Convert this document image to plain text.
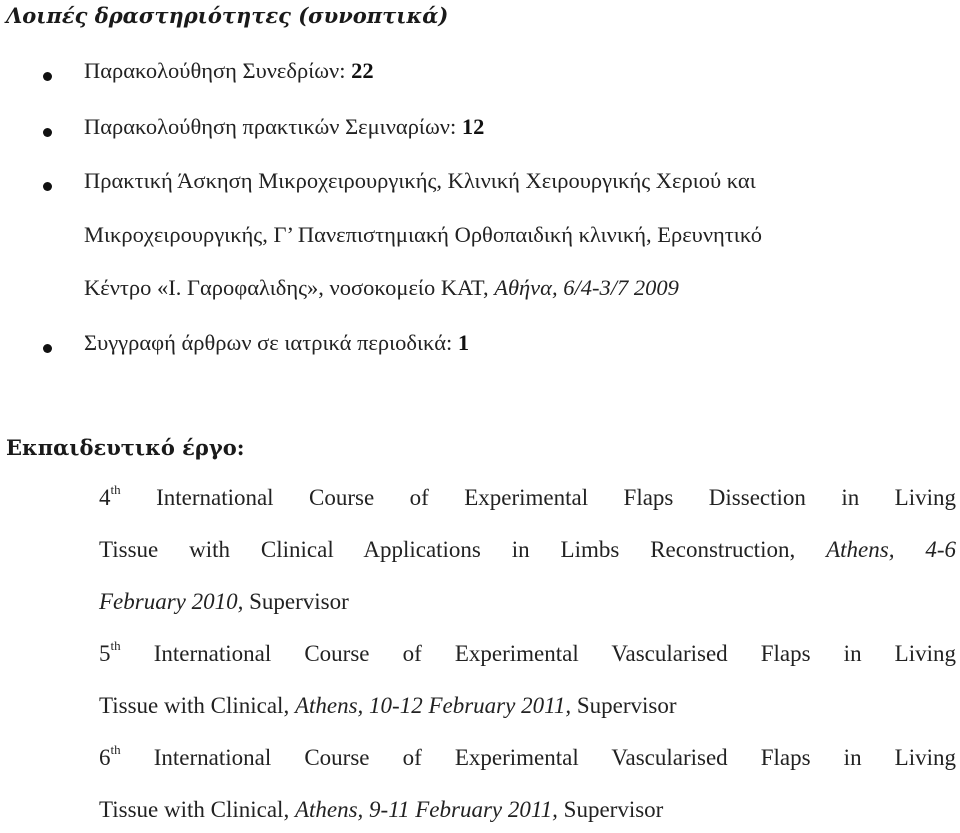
Λοιπές δραστηριότητες (συνοπτικά)
Παρακολούθηση Συνεδρίων: 22
Παρακολούθηση πρακτικών Σεμιναρίων: 12
Πρακτική Άσκηση Μικροχειρουργικής, Κλινική Χειρουργικής Χεριού και
Μικροχειρουργικής, Γ’ Πανεπιστημιακή Ορθοπαιδική κλινική, Ερευνητικό
Κέντρο «Ι. Γαροφαλιδης», νοσοκομείο ΚΑΤ, Αθήνα, 6/4-3/7 2009
Συγγραφή άρθρων σε ιατρικά περιοδικά: 1
Εκπαιδευτικό έργο:
4th International Course of Experimental Flaps Dissection in Living
Tissue with Clinical Applications in Limbs Reconstruction, Athens, 4-6
February 2010, Supervisor
5th International Course of Experimental Vascularised Flaps in Living
Tissue with Clinical, Athens, 10-12 February 2011, Supervisor
6th International Course of Experimental Vascularised Flaps in Living
Tissue with Clinical, Athens, 9-11 February 2011, Supervisor
